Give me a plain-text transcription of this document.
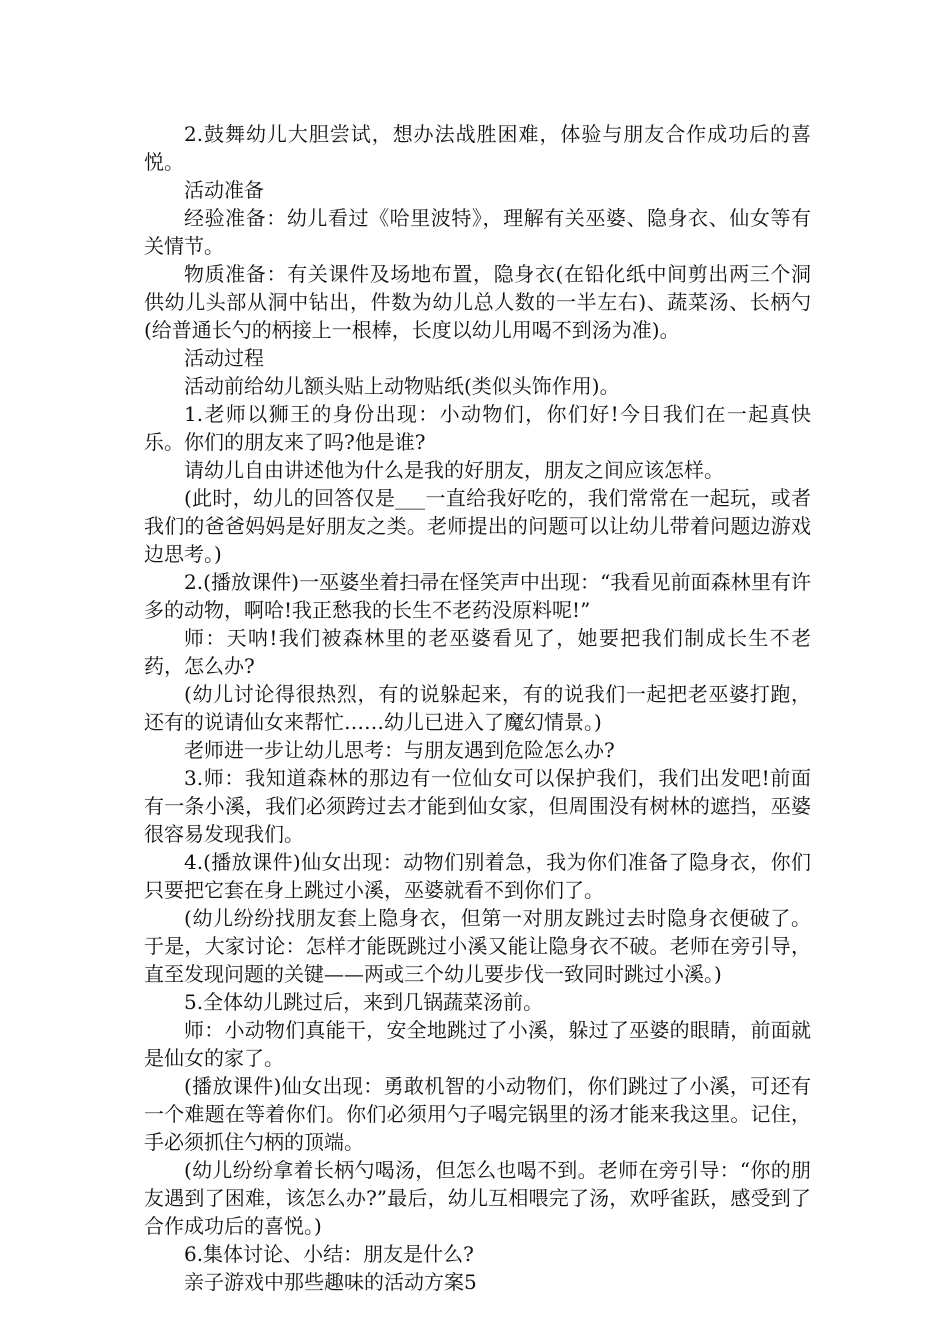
2.鼓舞幼儿大胆尝试，想办法战胜困难，体验与朋友合作成功后的喜悦。

活动准备

经验准备：幼儿看过《哈里波特》，理解有关巫婆、隐身衣、仙女等有关情节。

物质准备：有关课件及场地布置，隐身衣(在铅化纸中间剪出两三个洞供幼儿头部从洞中钻出，件数为幼儿总人数的一半左右)、蔬菜汤、长柄勺(给普通长勺的柄接上一根棒，长度以幼儿用喝不到汤为准)。

活动过程

活动前给幼儿额头贴上动物贴纸(类似头饰作用)。

1.老师以狮王的身份出现：小动物们，你们好!今日我们在一起真快乐。你们的朋友来了吗?他是谁?

请幼儿自由讲述他为什么是我的好朋友，朋友之间应该怎样。

(此时，幼儿的回答仅是___一直给我好吃的，我们常常在一起玩，或者我们的爸爸妈妈是好朋友之类。老师提出的问题可以让幼儿带着问题边游戏边思考。)

2.(播放课件)一巫婆坐着扫帚在怪笑声中出现：“我看见前面森林里有许多的动物，啊哈!我正愁我的长生不老药没原料呢!”

师：天呐!我们被森林里的老巫婆看见了，她要把我们制成长生不老药，怎么办?

(幼儿讨论得很热烈，有的说躲起来，有的说我们一起把老巫婆打跑，还有的说请仙女来帮忙……幼儿已进入了魔幻情景。)

老师进一步让幼儿思考：与朋友遇到危险怎么办?

3.师：我知道森林的那边有一位仙女可以保护我们，我们出发吧!前面有一条小溪，我们必须跨过去才能到仙女家，但周围没有树林的遮挡，巫婆很容易发现我们。

4.(播放课件)仙女出现：动物们别着急，我为你们准备了隐身衣，你们只要把它套在身上跳过小溪，巫婆就看不到你们了。

(幼儿纷纷找朋友套上隐身衣，但第一对朋友跳过去时隐身衣便破了。于是，大家讨论：怎样才能既跳过小溪又能让隐身衣不破。老师在旁引导，直至发现问题的关键——两或三个幼儿要步伐一致同时跳过小溪。)

5.全体幼儿跳过后，来到几锅蔬菜汤前。

师：小动物们真能干，安全地跳过了小溪，躲过了巫婆的眼睛，前面就是仙女的家了。

(播放课件)仙女出现：勇敢机智的小动物们，你们跳过了小溪，可还有一个难题在等着你们。你们必须用勺子喝完锅里的汤才能来我这里。记住，手必须抓住勺柄的顶端。

(幼儿纷纷拿着长柄勺喝汤，但怎么也喝不到。老师在旁引导：“你的朋友遇到了困难，该怎么办?”最后，幼儿互相喂完了汤，欢呼雀跃，感受到了合作成功后的喜悦。)

6.集体讨论、小结：朋友是什么?

亲子游戏中那些趣味的活动方案5
